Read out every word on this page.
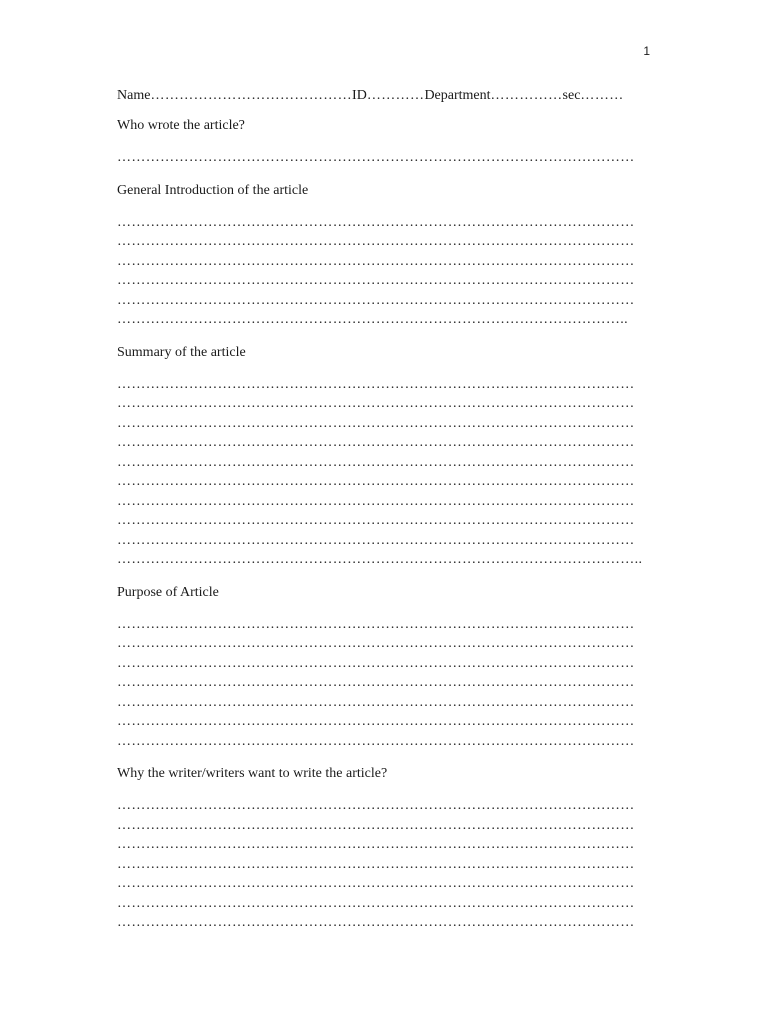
1
Name……………………………………ID…………Department……………sec………
Who wrote the article?
………………………………………………………………………………………………
General Introduction of the article
………………………………………………………………………………………………
………………………………………………………………………………………………
………………………………………………………………………………………………
………………………………………………………………………………………………
………………………………………………………………………………………………
……………………………………………………………………………………………..
Summary of the article
………………………………………………………………………………………………
………………………………………………………………………………………………
………………………………………………………………………………………………
………………………………………………………………………………………………
………………………………………………………………………………………………
………………………………………………………………………………………………
………………………………………………………………………………………………
………………………………………………………………………………………………
………………………………………………………………………………………………
………………………………………………………………………………………………..
Purpose of Article
………………………………………………………………………………………………
………………………………………………………………………………………………
………………………………………………………………………………………………
………………………………………………………………………………………………
………………………………………………………………………………………………
………………………………………………………………………………………………
………………………………………………………………………………………………
Why the writer/writers want to write the article?
………………………………………………………………………………………………
………………………………………………………………………………………………
………………………………………………………………………………………………
………………………………………………………………………………………………
………………………………………………………………………………………………
………………………………………………………………………………………………
………………………………………………………………………………………………
